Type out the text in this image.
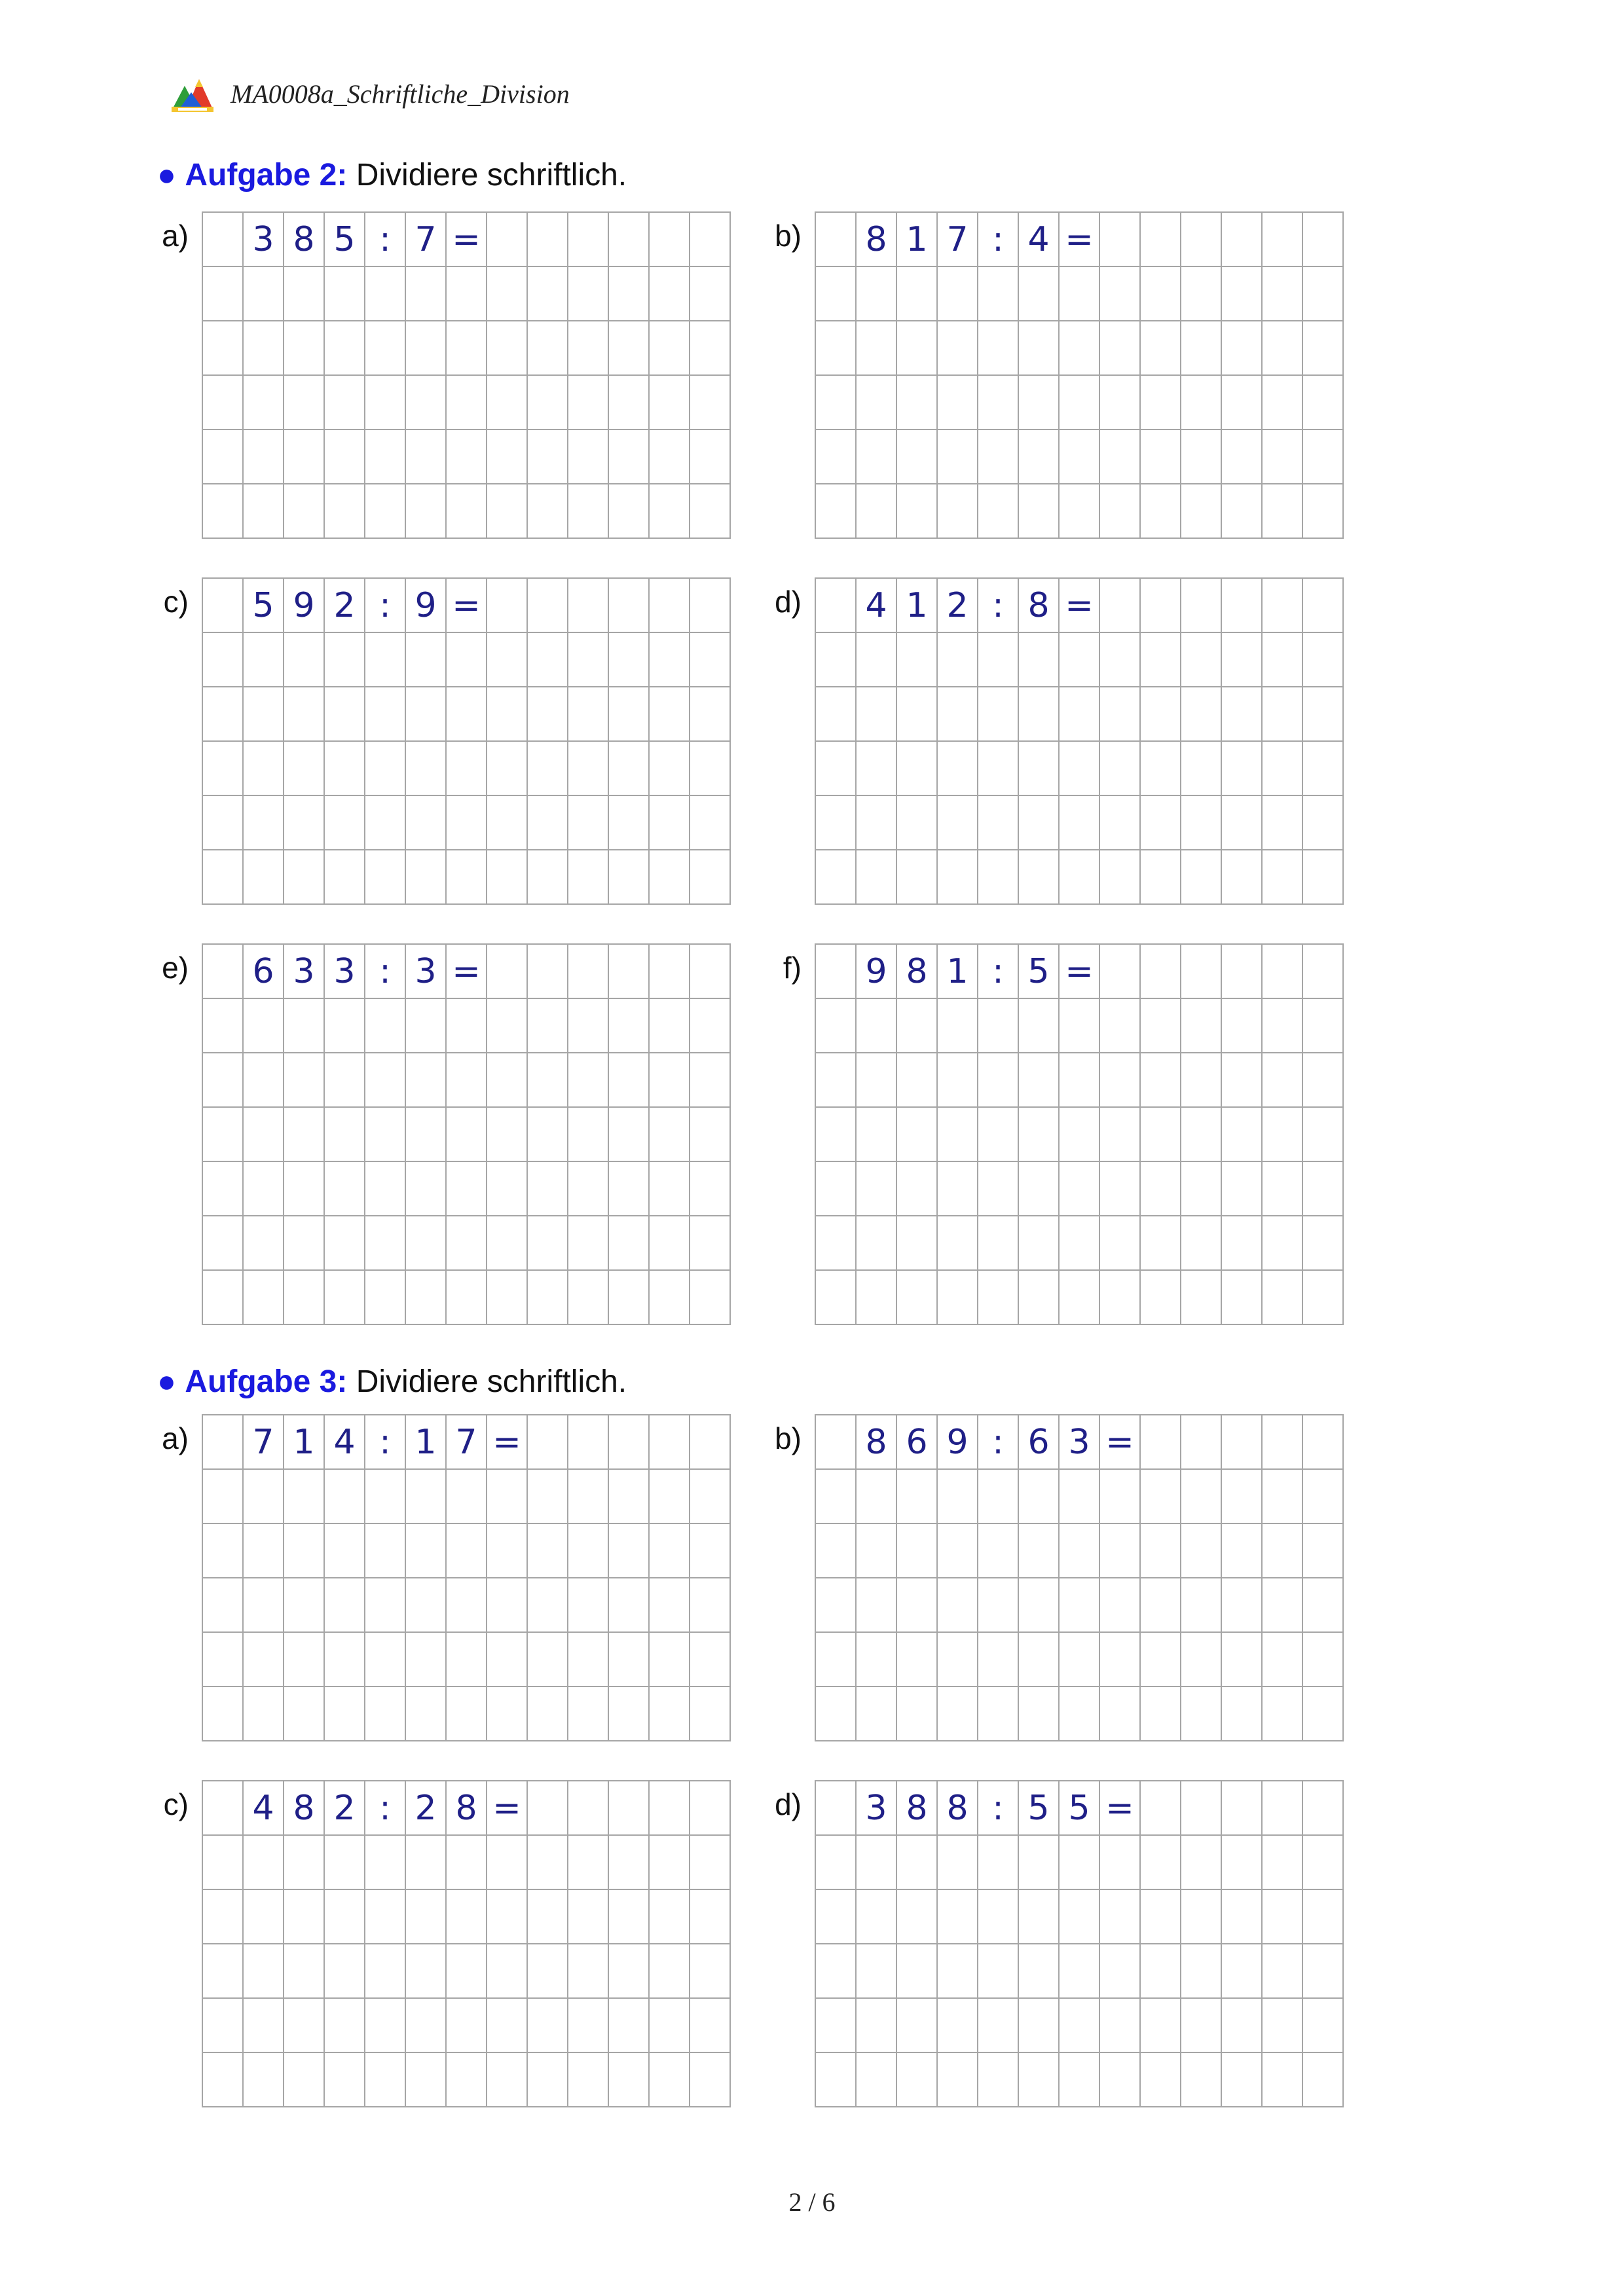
MA0008a_Schriftliche_Division
● Aufgabe 2: Dividiere schriftlich.
● Aufgabe 3: Dividiere schriftlich.
2 / 6
a) 3 8 5 : 7 =	b) 8 1 7 : 4 =
c) 5 9 2 : 9 =	d) 4 1 2 : 8 =
e) 6 3 3 : 3 =	f) 9 8 1 : 5 =
a) 7 1 4 : 1 7 =	b) 8 6 9 : 6 3 =
c) 4 8 2 : 2 8 =	d) 3 8 8 : 5 5 =
